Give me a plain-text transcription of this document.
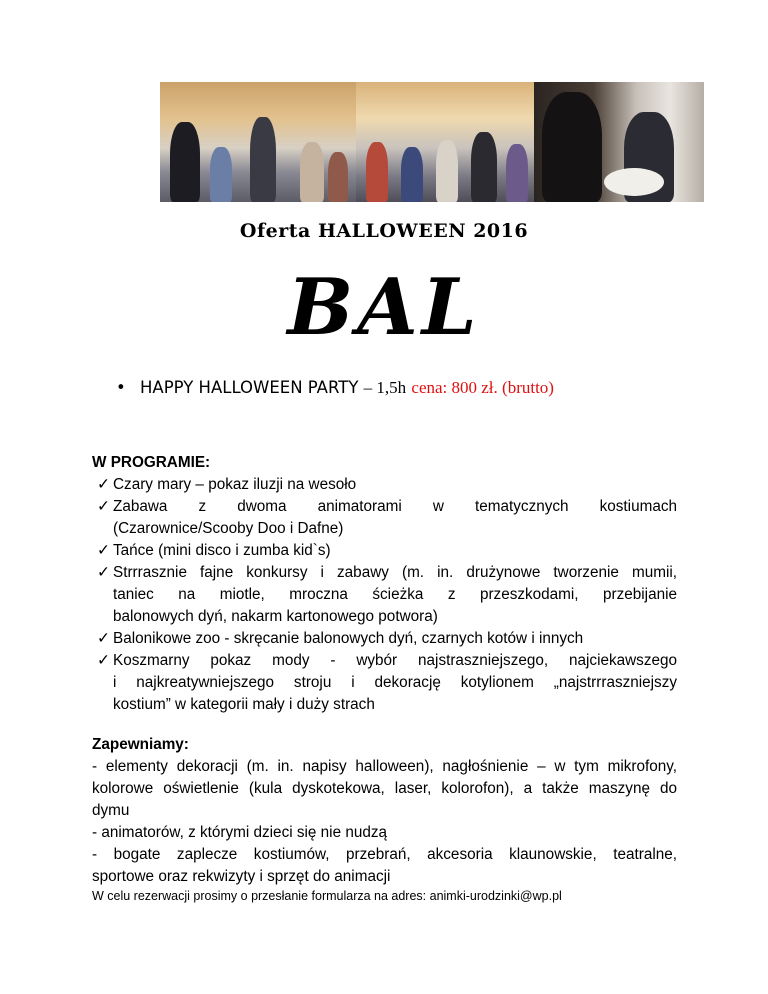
Oferta HALLOWEEN 2016
BAL
• HAPPY HALLOWEEN PARTY – 1,5h cena: 800 zł. (brutto)
W PROGRAMIE:
✓ Czary mary – pokaz iluzji na wesoło
✓ Zabawa z dwoma animatorami w tematycznych kostiumach
(Czarownice/Scooby Doo i Dafne)
✓ Tańce (mini disco i zumba kid`s)
✓ Strrrasznie fajne konkursy i zabawy (m. in. drużynowe tworzenie mumii,
taniec na miotle, mroczna ścieżka z przeszkodami, przebijanie
balonowych dyń, nakarm kartonowego potwora)
✓ Balonikowe zoo - skręcanie balonowych dyń, czarnych kotów i innych
✓ Koszmarny pokaz mody - wybór najstraszniejszego, najciekawszego
i najkreatywniejszego stroju i dekorację kotylionem „najstrrraszniejszy
kostium” w kategorii mały i duży strach
Zapewniamy:
- elementy dekoracji (m. in. napisy halloween), nagłośnienie – w tym mikrofony,
kolorowe oświetlenie (kula dyskotekowa, laser, kolorofon), a także maszynę do
dymu
- animatorów, z którymi dzieci się nie nudzą
- bogate zaplecze kostiumów, przebrań, akcesoria klaunowskie, teatralne,
sportowe oraz rekwizyty i sprzęt do animacji
W celu rezerwacji prosimy o przesłanie formularza na adres: animki-urodzinki@wp.pl
